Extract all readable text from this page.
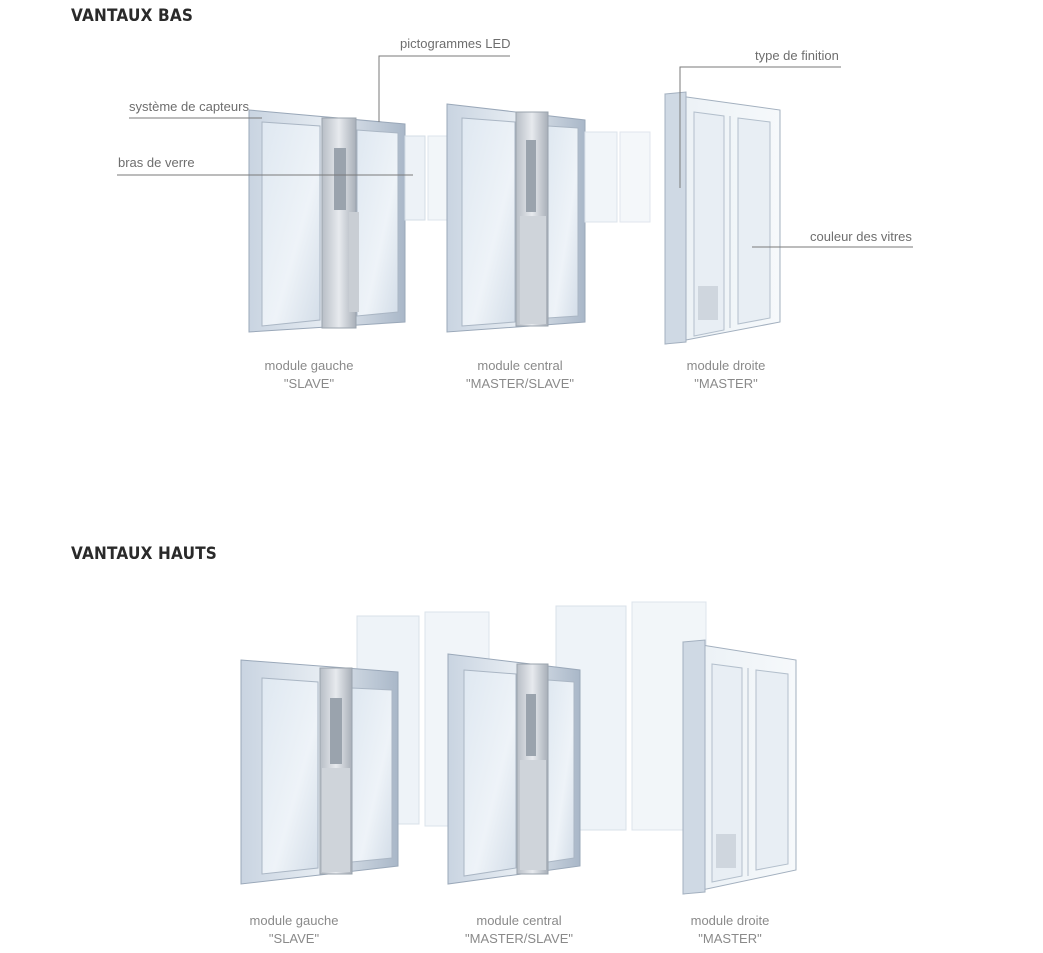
VANTAUX BAS
VANTAUX HAUTS
pictogrammes LED
système de capteurs
bras de verre
type de finition
couleur des vitres
module gauche
"SLAVE"
module central
"MASTER/SLAVE"
module droite
"MASTER"
module gauche
"SLAVE"
module central
"MASTER/SLAVE"
module droite
"MASTER"
